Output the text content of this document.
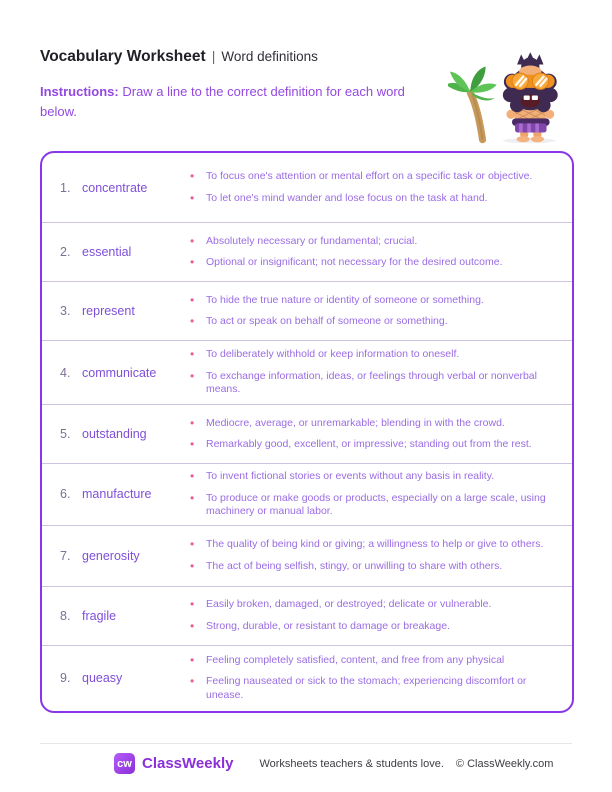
Vocabulary Worksheet | Word definitions

Instructions: Draw a line to the correct definition for each word below.

1. concentrate
•	To focus one's attention or mental effort on a specific task or objective.
•	To let one's mind wander and lose focus on the task at hand.
2. essential
•	Absolutely necessary or fundamental; crucial.
•	Optional or insignificant; not necessary for the desired outcome.
3. represent
•	To hide the true nature or identity of someone or something.
•	To act or speak on behalf of someone or something.
4. communicate
•	To deliberately withhold or keep information to oneself.
•	To exchange information, ideas, or feelings through verbal or nonverbal means.
5. outstanding
•	Mediocre, average, or unremarkable; blending in with the crowd.
•	Remarkably good, excellent, or impressive; standing out from the rest.
6. manufacture
•	To invent fictional stories or events without any basis in reality.
•	To produce or make goods or products, especially on a large scale, using machinery or manual labor.
7. generosity
•	The quality of being kind or giving; a willingness to help or give to others.
•	The act of being selfish, stingy, or unwilling to share with others.
8. fragile
•	Easily broken, damaged, or destroyed; delicate or vulnerable.
•	Strong, durable, or resistant to damage or breakage.
9. queasy
•	Feeling completely satisfied, content, and free from any physical
•	Feeling nauseated or sick to the stomach; experiencing discomfort or unease.
cw ClassWeekly Worksheets teachers & students love. © ClassWeekly.com
